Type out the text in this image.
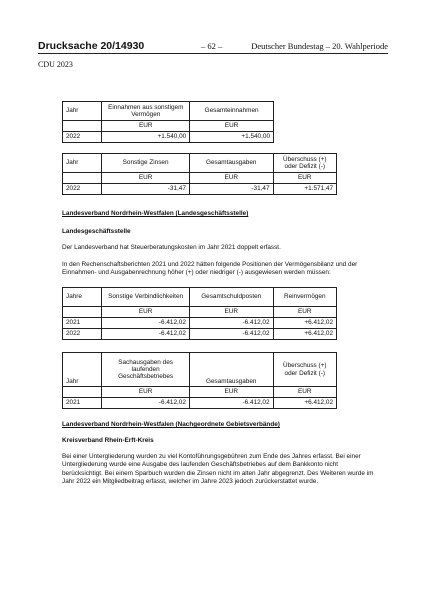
Drucksache 20/14930	– 62 –	Deutscher Bundestag – 20. Wahlperiode
CDU 2023
Jahr	Einnahmen aus sonstigem Vermögen	Gesamteinnahmen
	EUR	EUR
2022	+1.540,00	+1.540,00
Jahr	Sonstige Zinsen	Gesamtausgaben	Überschuss (+) oder Defizit (-)
	EUR	EUR	EUR
2022	-31,47	-31,47	+1.571,47
Landesverband Nordrhein-Westfalen (Landesgeschäftsstelle)
Landesgeschäftsstelle
Der Landesverband hat Steuerberatungskosten im Jahr 2021 doppelt erfasst.
In den Rechenschaftsberichten 2021 und 2022 hätten folgende Positionen der Vermögensbilanz und der Einnahmen- und Ausgabenrechnung höher (+) oder niedriger (-) ausgewiesen werden müssen:
Jahre	Sonstige Verbindlichkeiten	Gesamtschuldposten	Reinvermögen
	EUR	EUR	EUR
2021	-6.412,02	-6.412,02	+6.412,02
2022	-6.412,02	-6.412,02	+6.412,02
Jahr	Sachausgaben des laufenden Geschäftsbetriebes	Gesamtausgaben	Überschuss (+) oder Defizit (-)
	EUR	EUR	EUR
2021	-6.412,02	-6.412,02	+6.412,02
Landesverband Nordrhein-Westfalen (Nachgeordnete Gebietsverbände)
Kreisverband Rhein-Erft-Kreis
Bei einer Untergliederung wurden zu viel Kontoführungsgebühren zum Ende des Jahres erfasst. Bei einer Untergliederung wurde eine Ausgabe des laufenden Geschäftsbetriebes auf dem Bankkonto nicht berücksichtigt. Bei einem Sparbuch wurden die Zinsen nicht im alten Jahr abgegrenzt. Des Weiteren wurde im Jahr 2022 ein Mitgliedbeitrag erfasst, welcher im Jahre 2023 jedoch zurückerstattet wurde.
